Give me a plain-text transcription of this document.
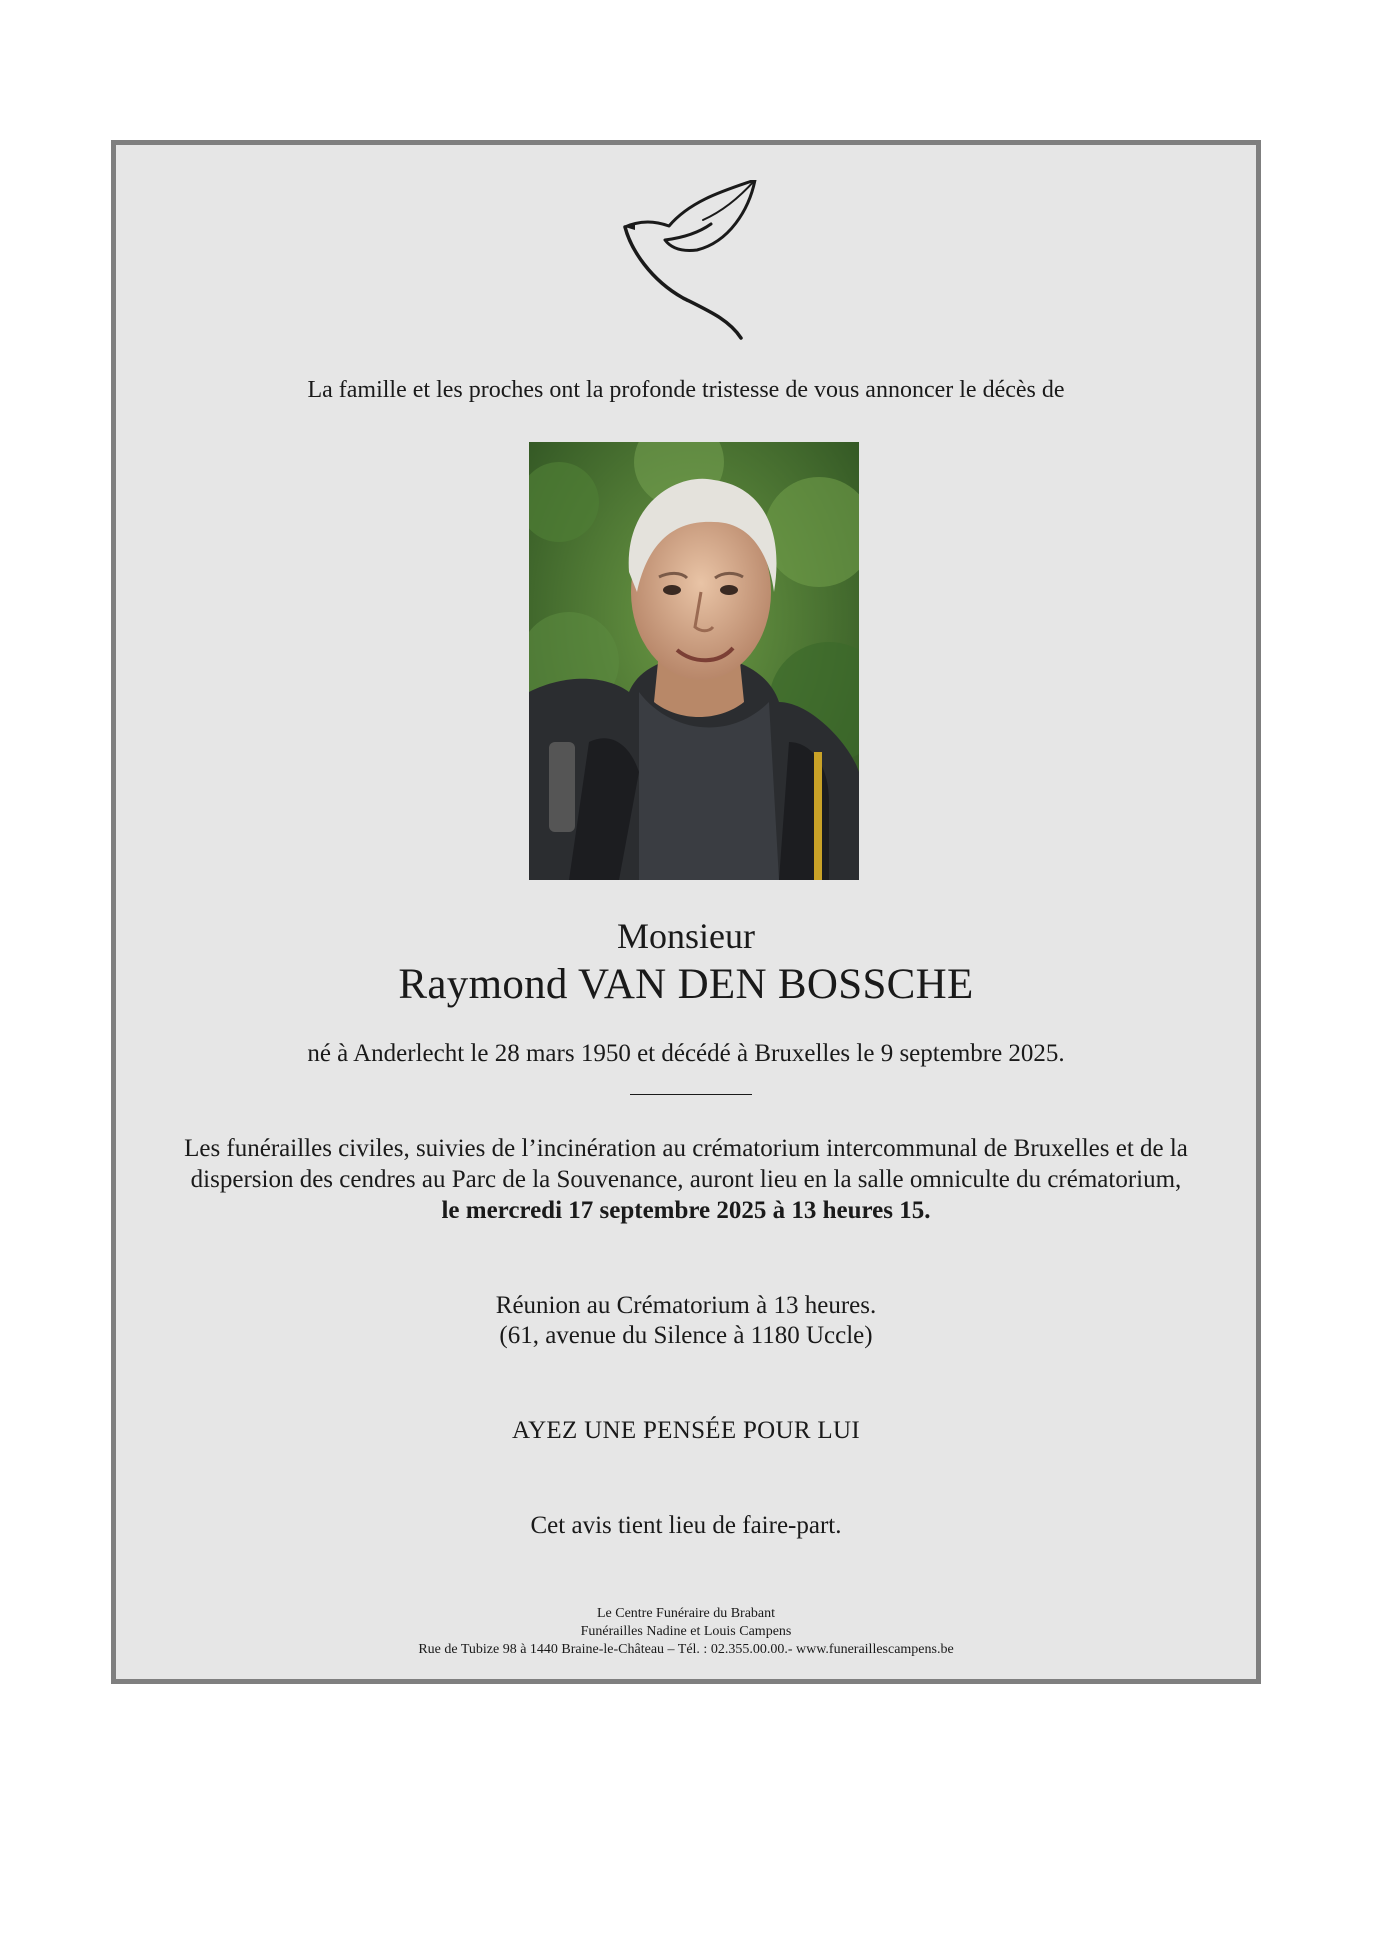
La famille et les proches ont la profonde tristesse de vous annoncer le décès de
Monsieur
Raymond VAN DEN BOSSCHE
né à Anderlecht le 28 mars 1950 et décédé à Bruxelles le 9 septembre 2025.
Les funérailles civiles, suivies de l’incinération au crématorium intercommunal de Bruxelles et de la
dispersion des cendres au Parc de la Souvenance, auront lieu en la salle omniculte du crématorium,
le mercredi 17 septembre 2025 à 13 heures 15.
Réunion au Crématorium à 13 heures.
(61, avenue du Silence à 1180 Uccle)
AYEZ UNE PENSÉE POUR LUI
Cet avis tient lieu de faire-part.
Le Centre Funéraire du Brabant
Funérailles Nadine et Louis Campens
Rue de Tubize 98 à 1440 Braine-le-Château – Tél. : 02.355.00.00.- www.funeraillescampens.be
